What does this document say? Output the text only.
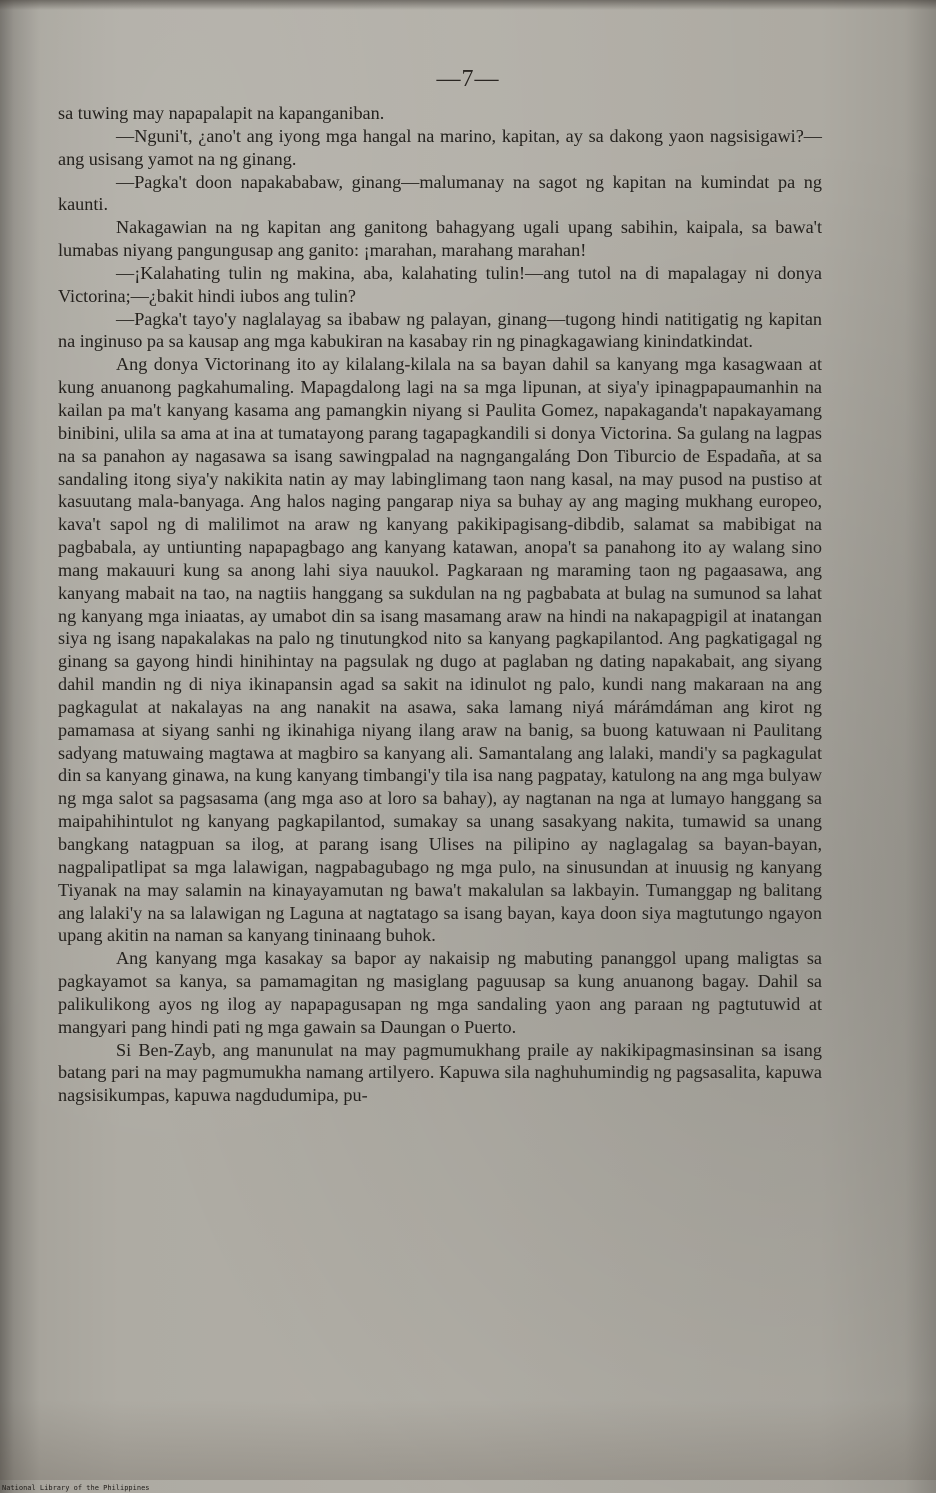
—7—

sa tuwing may napapalapit na kapanganiban.

—Nguni't, ¿ano't ang iyong mga hangal na marino, kapitan, ay sa dakong yaon nagsisigawi?—ang usisang yamot na ng ginang.

—Pagka't doon napakababaw, ginang—malumanay na sagot ng kapitan na kumindat pa ng kaunti.

Nakagawian na ng kapitan ang ganitong bahagyang ugali upang sabihin, kaipala, sa bawa't lumabas niyang pangungusap ang ganito: ¡marahan, marahang marahan!

—¡Kalahating tulin ng makina, aba, kalahating tulin!—ang tutol na di mapalagay ni donya Victorina;—¿bakit hindi iubos ang tulin?

—Pagka't tayo'y naglalayag sa ibabaw ng palayan, ginang—tugong hindi natitigatig ng kapitan na inginuso pa sa kausap ang mga kabukiran na kasabay rin ng pinagkagawiang kinindatkindat.

Ang donya Victorinang ito ay kilalang-kilala na sa bayan dahil sa kanyang mga kasagwaan at kung anuanong pagkahumaling. Mapagdalong lagi na sa mga lipunan, at siya'y ipinagpapaumanhin na kailan pa ma't kanyang kasama ang pamangkin niyang si Paulita Gomez, napakaganda't napakayamang binibini, ulila sa ama at ina at tumatayong parang tagapagkandili si donya Victorina. Sa gulang na lagpas na sa panahon ay nagasawa sa isang sawingpalad na nagngangaláng Don Tiburcio de Espadaña, at sa sandaling itong siya'y nakikita natin ay may labinglimang taon nang kasal, na may pusod na pustiso at kasuutang mala-banyaga. Ang halos naging pangarap niya sa buhay ay ang maging mukhang europeo, kava't sapol ng di malilimot na araw ng kanyang pakikipagisang-dibdib, salamat sa mabibigat na pagbabala, ay untiunting napapagbago ang kanyang katawan, anopa't sa panahong ito ay walang sino mang makauuri kung sa anong lahi siya nauukol. Pagkaraan ng maraming taon ng pagaasawa, ang kanyang mabait na tao, na nagtiis hanggang sa sukdulan na ng pagbabata at bulag na sumunod sa lahat ng kanyang mga iniaatas, ay umabot din sa isang masamang araw na hindi na nakapagpigil at inatangan siya ng isang napakalakas na palo ng tinutungkod nito sa kanyang pagkapilantod. Ang pagkatigagal ng ginang sa gayong hindi hinihintay na pagsulak ng dugo at paglaban ng dating napakabait, ang siyang dahil mandin ng di niya ikinapansin agad sa sakit na idinulot ng palo, kundi nang makaraan na ang pagkagulat at nakalayas na ang nanakit na asawa, saka lamang niyá márámdáman ang kirot ng pamamasa at siyang sanhi ng ikinahiga niyang ilang araw na banig, sa buong katuwaan ni Paulitang sadyang matuwaing magtawa at magbiro sa kanyang ali. Samantalang ang lalaki, mandi'y sa pagkagulat din sa kanyang ginawa, na kung kanyang timbangi'y tila isa nang pagpatay, katulong na ang mga bulyaw ng mga salot sa pagsasama (ang mga aso at loro sa bahay), ay nagtanan na nga at lumayo hanggang sa maipahihintulot ng kanyang pagkapilantod, sumakay sa unang sasakyang nakita, tumawid sa unang bangkang natagpuan sa ilog, at parang isang Ulises na pilipino ay naglagalag sa bayan-bayan, nagpalipatlipat sa mga lalawigan, nagpabagubago ng mga pulo, na sinusundan at inuusig ng kanyang Tiyanak na may salamin na kinayayamutan ng bawa't makalulan sa lakbayin. Tumanggap ng balitang ang lalaki'y na sa lalawigan ng Laguna at nagtatago sa isang bayan, kaya doon siya magtutungo ngayon upang akitin na naman sa kanyang tininaang buhok.

Ang kanyang mga kasakay sa bapor ay nakaisip ng mabuting pananggol upang maligtas sa pagkayamot sa kanya, sa pamamagitan ng masiglang paguusap sa kung anuanong bagay. Dahil sa palikulikong ayos ng ilog ay napapagusapan ng mga sandaling yaon ang paraan ng pagtutuwid at mangyari pang hindi pati ng mga gawain sa Daungan o Puerto.

Si Ben-Zayb, ang manunulat na may pagmumukhang praile ay nakikipagmasinsinan sa isang batang pari na may pagmumukha namang artilyero. Kapuwa sila naghuhumindig ng pagsasalita, kapuwa nagsisikumpas, kapuwa nagdudumipa, pu-

National Library of the Philippines
